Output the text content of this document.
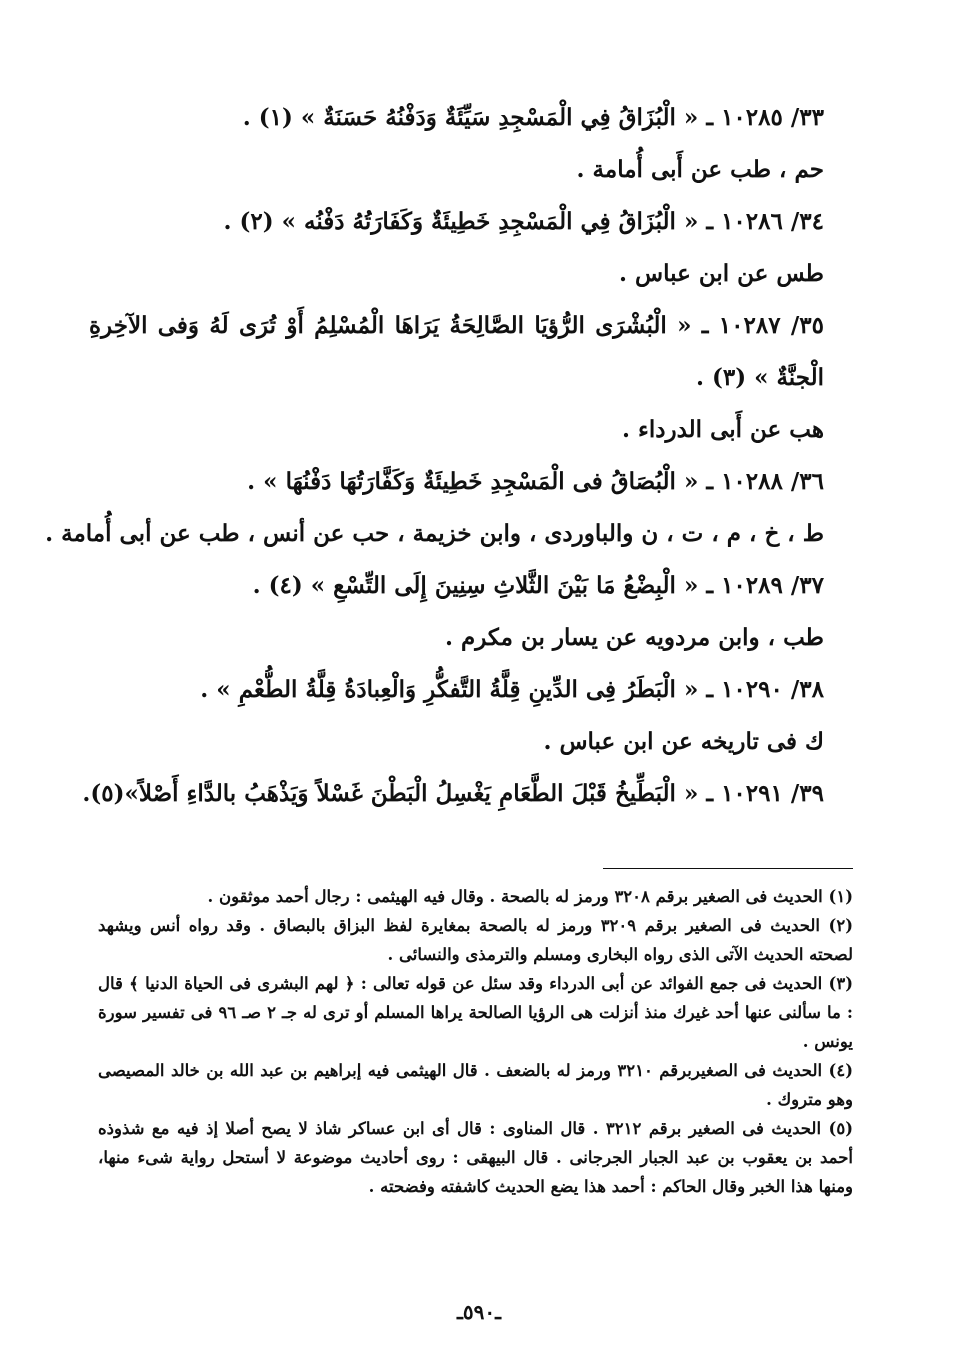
٣٣/ ١٠٢٨٥ ـ « الْبُزَاقُ فِي الْمَسْجِدِ سَيِّئَةٌ وَدَفْنُهُ حَسَنَةٌ » (١) .
حم ، طب عن أَبى أُمامة .
٣٤/ ١٠٢٨٦ ـ « الْبُزَاقُ فِي الْمَسْجِدِ خَطِيئَةٌ وَكَفَارَتُهُ دَفْنُه » (٢) .
طس عن ابن عباس .
٣٥/ ١٠٢٨٧ ـ « الْبُشْرَى الرُّؤيَا الصَّالِحَةُ يَرَاهَا الْمُسْلِمُ أَوْ تُرَى لَهُ وَفى الآخِرةِ الْجنَّةٌ » (٣) .
هب عن أَبى الدرداء .
٣٦/ ١٠٢٨٨ ـ « الْبُصَاقُ فى الْمَسْجِدِ خَطِيئَةٌ وَكَفَّارَتُهَا دَفْنُهَا » .
ط ، خ ، م ، ت ، ن والباوردى ، وابن خزيمة ، حب عن أنس ، طب عن أبى أُمامة .
٣٧/ ١٠٢٨٩ ـ « الْبِضْعُ مَا بَيْنَ الثَّلاثِ سِنِينَ إِلَى التِّسْعِ » (٤) .
طب ، وابن مردويه عن يسار بن مكرم .
٣٨/ ١٠٢٩٠ ـ « الْبَطَرُ فِى الدِّينِ قِلَّةُ التَّفكُّرِ وَالْعِبادَةُ قِلَّةُ الطُّعْمِ » .
ك فى تاريخه عن ابن عباس .
٣٩/ ١٠٢٩١ ـ « الْبَطِّيخُ قَبْلَ الطَّعَامِ يَغْسِلُ الْبَطْنَ غَسْلاً وَيَذْهَبُ بالدَّاءِ أَصْلاً»(٥).

(١) الحديث فى الصغير برقم ٣٢٠٨ ورمز له بالصحة . وقال فيه الهيثمى : رجال أحمد موثقون .

(٢) الحديث فى الصغير برقم ٣٢٠٩ ورمز له بالصحة بمغايرة لفظ البزاق بالبصاق . وقد رواه أنس ويشهد لصحته الحديث الآتى الذى رواه البخارى ومسلم والترمذى والنسائى .

(٣) الحديث فى جمع الفوائد عن أبى الدرداء وقد سئل عن قوله تعالى : ﴿ لهم البشرى فى الحياة الدنيا ﴾ قال : ما سألنى عنها أحد غيرك منذ أنزلت هى الرؤيا الصالحة يراها المسلم أو ترى له جـ ٢ صـ ٩٦ فى تفسير سورة يونس .

(٤) الحديث فى الصغيربرقم ٣٢١٠ ورمز له بالضعف . قال الهيثمى فيه إبراهيم بن عبد الله بن خالد المصيصى وهو متروك .

(٥) الحديث فى الصغير برقم ٣٢١٢ . قال المناوى : قال أى ابن عساكر شاذ لا يصح أصلا إذ فيه مع شذوذه أحمد بن يعقوب بن عبد الجبار الجرجانى . قال البيهقى : روى أحاديث موضوعة لا أستحل رواية شىء منها، ومنها هذا الخبر وقال الحاكم : أحمد هذا يضع الحديث كاشفته وفضحته .

ـ٥٩٠ـ
